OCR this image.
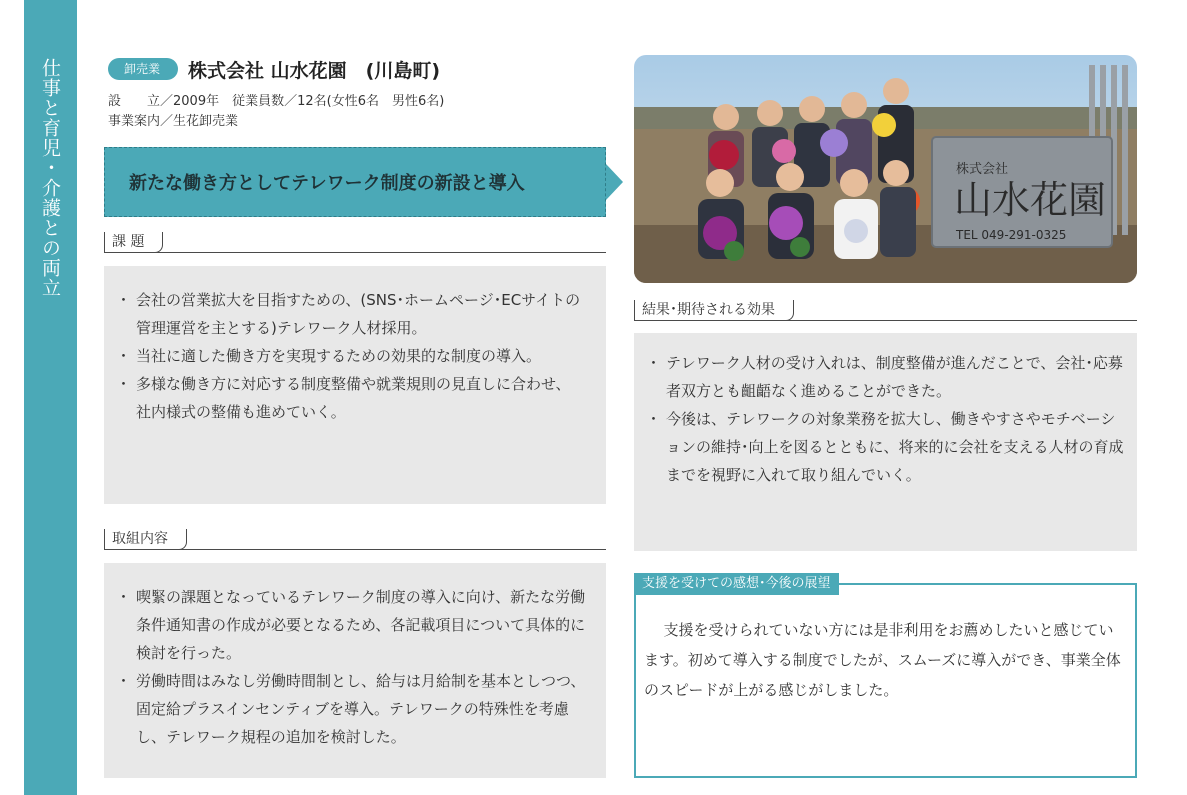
仕事と育児・介護との両立	卸売業	株式会社 山水花園　(川島町)
設　　立／2009年　従業員数／12名(女性6名　男性6名)
事業案内／生花卸売業
新たな働き方としてテレワーク制度の新設と導入
課 題
・ 会社の営業拡大を目指すための、(SNS･ホームページ･ECサイトの管理運営を主とする)テレワーク人材採用。
・ 当社に適した働き方を実現するための効果的な制度の導入。
・ 多様な働き方に対応する制度整備や就業規則の見直しに合わせ、社内様式の整備も進めていく。
取組内容
・ 喫緊の課題となっているテレワーク制度の導入に向け、新たな労働条件通知書の作成が必要となるため、各記載項目について具体的に検討を行った。
・ 労働時間はみなし労働時間制とし、給与は月給制を基本としつつ、固定給プラスインセンティブを導入。テレワークの特殊性を考慮し、テレワーク規程の追加を検討した。
株式会社
山水花園
TEL 049-291-0325
結果･期待される効果
・ テレワーク人材の受け入れは、制度整備が進んだことで、会社･応募者双方とも齟齬なく進めることができた。
・ 今後は、テレワークの対象業務を拡大し、働きやすさやモチベーションの維持･向上を図るとともに、将来的に会社を支える人材の育成までを視野に入れて取り組んでいく。
支援を受けての感想･今後の展望
支援を受けられていない方には是非利用をお薦めしたいと感じています。初めて導入する制度でしたが、スムーズに導入ができ、事業全体のスピードが上がる感じがしました。
